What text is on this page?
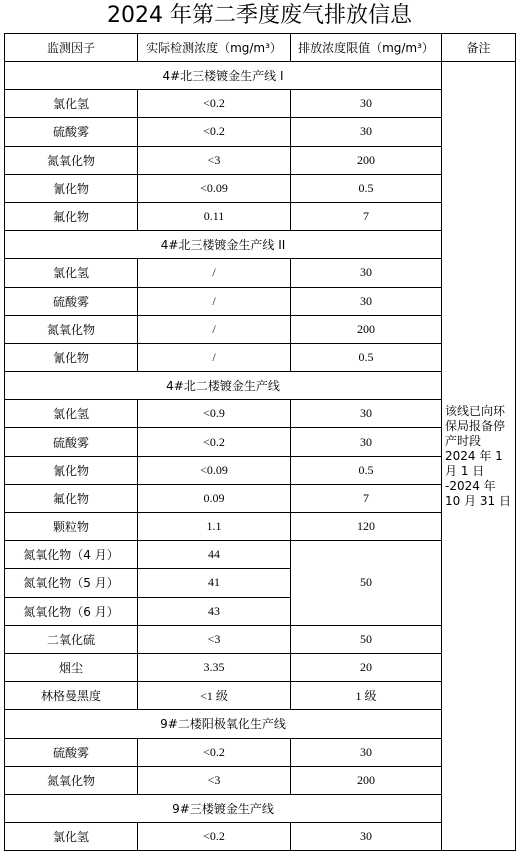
2024 年第二季度废气排放信息
监测因子	实际检测浓度（mg/m³）	排放浓度限值（mg/m³）	备注
4#北三楼镀金生产线 I			该线已向环保局报备停产时段 2024 年 1 月 1 日 -2024 年 10 月 31 日
氯化氢	<0.2	30	
硫酸雾	<0.2	30	
氮氧化物	<3	200	
氰化物	<0.09	0.5	
氟化物	0.11	7	
4#北三楼镀金生产线 II			
氯化氢	/	30	
硫酸雾	/	30	
氮氧化物	/	200	
氰化物	/	0.5	
4#北二楼镀金生产线			
氯化氢	<0.9	30	
硫酸雾	<0.2	30	
氰化物	<0.09	0.5	
氟化物	0.09	7	
颗粒物	1.1	120	
氮氧化物（4 月）	44	50	
氮氧化物（5 月）	41		
氮氧化物（6 月）	43		
二氧化硫	<3	50	
烟尘	3.35	20	
林格曼黑度	<1 级	1 级	
9#二楼阳极氧化生产线			
硫酸雾	<0.2	30	
氮氧化物	<3	200	
9#三楼镀金生产线			
氯化氢	<0.2	30	
